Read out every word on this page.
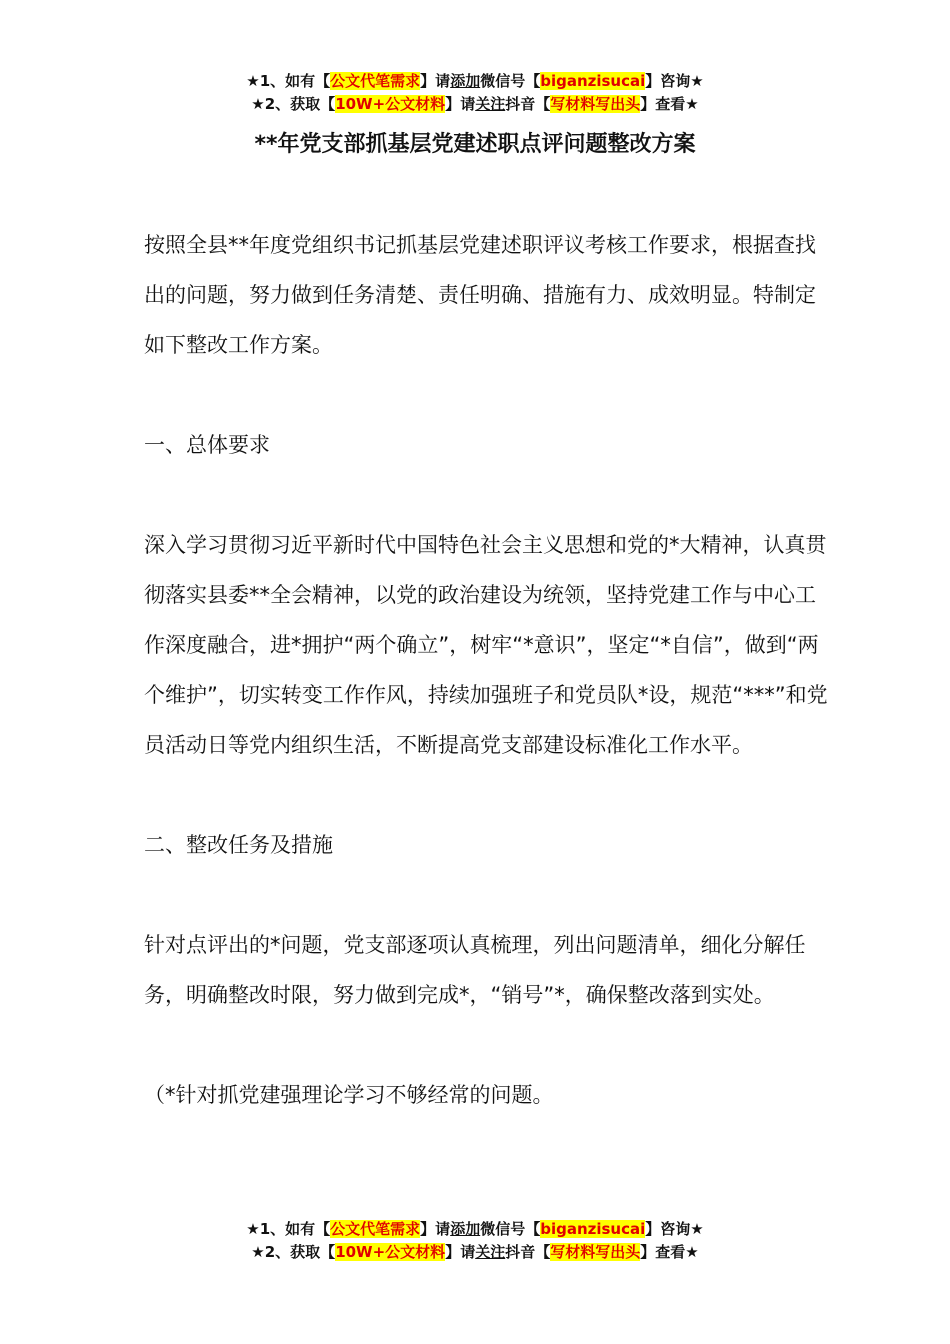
★1、如有【公文代笔需求】请添加微信号【biganzisucai】咨询★
★2、获取【10W+公文材料】请关注抖音【写材料写出头】查看★
**年党支部抓基层党建述职点评问题整改方案

按照全县**年度党组织书记抓基层党建述职评议考核工作要求，根据查找出的问题，努力做到任务清楚、责任明确、措施有力、成效明显。特制定如下整改工作方案。

一、总体要求

深入学习贯彻习近平新时代中国特色社会主义思想和党的*大精神，认真贯彻落实县委**全会精神，以党的政治建设为统领，坚持党建工作与中心工作深度融合，进*拥护“两个确立”，树牢“*意识”，坚定“*自信”，做到“两个维护”，切实转变工作作风，持续加强班子和党员队*设，规范“***”和党员活动日等党内组织生活，不断提高党支部建设标准化工作水平。

二、整改任务及措施

针对点评出的*问题，党支部逐项认真梳理，列出问题清单，细化分解任务，明确整改时限，努力做到完成*，“销号”*，确保整改落到实处。

（*针对抓党建强理论学习不够经常的问题。

★1、如有【公文代笔需求】请添加微信号【biganzisucai】咨询★
★2、获取【10W+公文材料】请关注抖音【写材料写出头】查看★
